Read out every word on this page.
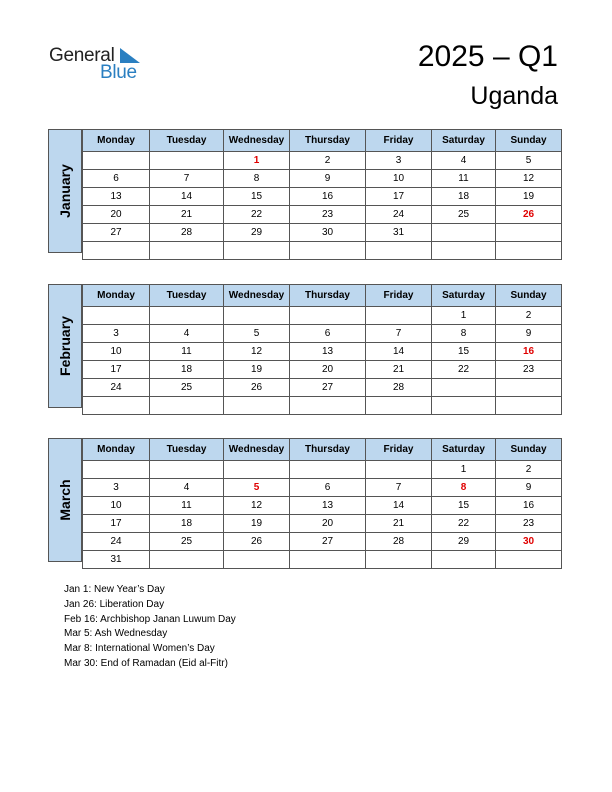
General
Blue	2025 – Q1
Uganda
January
Monday	Tuesday	Wednesday	Thursday	Friday	Saturday	Sunday
		1	2	3	4	5
6	7	8	9	10	11	12
13	14	15	16	17	18	19
20	21	22	23	24	25	26
27	28	29	30	31		

February
Monday	Tuesday	Wednesday	Thursday	Friday	Saturday	Sunday
					1	2
3	4	5	6	7	8	9
10	11	12	13	14	15	16
17	18	19	20	21	22	23
24	25	26	27	28		

March
Monday	Tuesday	Wednesday	Thursday	Friday	Saturday	Sunday
					1	2
3	4	5	6	7	8	9
10	11	12	13	14	15	16
17	18	19	20	21	22	23
24	25	26	27	28	29	30
31						
Jan 1: New Year’s Day
Jan 26: Liberation Day
Feb 16: Archbishop Janan Luwum Day
Mar 5: Ash Wednesday
Mar 8: International Women’s Day
Mar 30: End of Ramadan (Eid al-Fitr)
